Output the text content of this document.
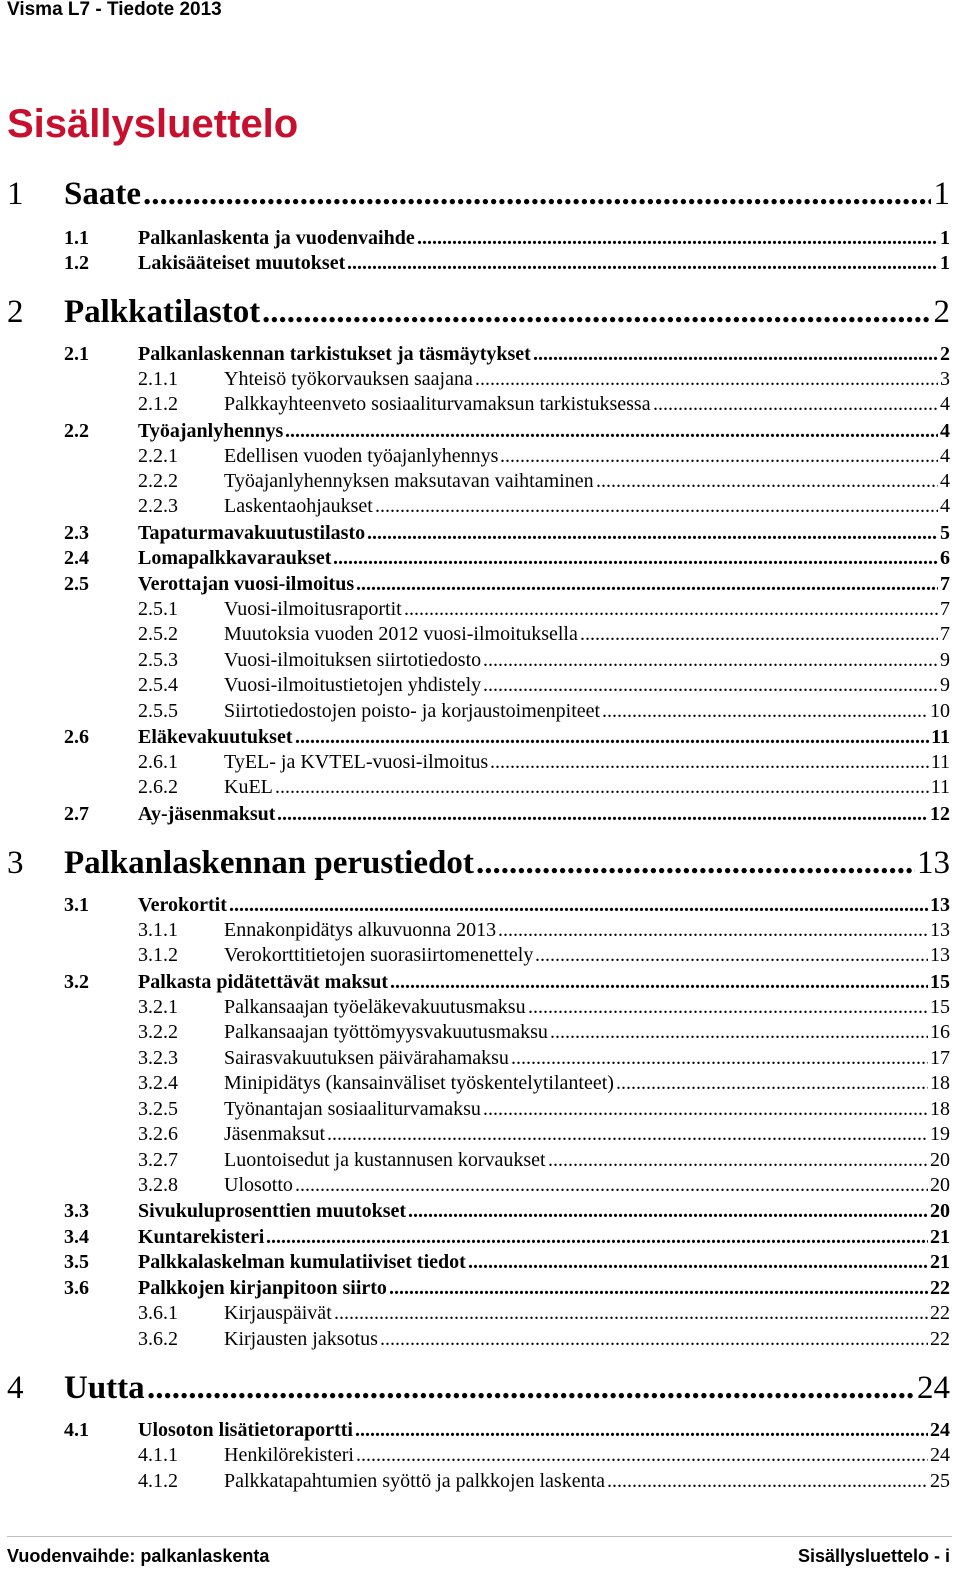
Visma L7 - Tiedote 2013
Sisällysluettelo
1 Saate .....	1
1.1 Palkanlaskenta ja vuodenvaihde .....	1
1.2 Lakisääteiset muutokset .....	1
2 Palkkatilastot .....	2
2.1 Palkanlaskennan tarkistukset ja täsmäytykset .....	2
2.1.1 Yhteisö työkorvauksen saajana .....	3
2.1.2 Palkkayhteenveto sosiaaliturvamaksun tarkistuksessa .....	4
2.2 Työajanlyhennys .....	4
2.2.1 Edellisen vuoden työajanlyhennys .....	4
2.2.2 Työajanlyhennyksen maksutavan vaihtaminen .....	4
2.2.3 Laskentaohjaukset .....	4
2.3 Tapaturmavakuutustilasto .....	5
2.4 Lomapalkkavaraukset .....	6
2.5 Verottajan vuosi-ilmoitus .....	7
2.5.1 Vuosi-ilmoitusraportit .....	7
2.5.2 Muutoksia vuoden 2012 vuosi-ilmoituksella .....	7
2.5.3 Vuosi-ilmoituksen siirtotiedosto .....	9
2.5.4 Vuosi-ilmoitustietojen yhdistely .....	9
2.5.5 Siirtotiedostojen poisto- ja korjaustoimenpiteet .....	10
2.6 Eläkevakuutukset .....	11
2.6.1 TyEL- ja KVTEL-vuosi-ilmoitus .....	11
2.6.2 KuEL .....	11
2.7 Ay-jäsenmaksut .....	12
3 Palkanlaskennan perustiedot .....	13
3.1 Verokortit .....	13
3.1.1 Ennakonpidätys alkuvuonna 2013 .....	13
3.1.2 Verokorttitietojen suorasiirtomenettely .....	13
3.2 Palkasta pidätettävät maksut .....	15
3.2.1 Palkansaajan työeläkevakuutusmaksu .....	15
3.2.2 Palkansaajan työttömyysvakuutusmaksu .....	16
3.2.3 Sairasvakuutuksen päivärahamaksu .....	17
3.2.4 Minipidätys (kansainväliset työskentelytilanteet) .....	18
3.2.5 Työnantajan sosiaaliturvamaksu .....	18
3.2.6 Jäsenmaksut .....	19
3.2.7 Luontoisedut ja kustannusen korvaukset .....	20
3.2.8 Ulosotto .....	20
3.3 Sivukuluprosenttien muutokset .....	20
3.4 Kuntarekisteri .....	21
3.5 Palkkalaskelman kumulatiiviset tiedot .....	21
3.6 Palkkojen kirjanpitoon siirto .....	22
3.6.1 Kirjauspäivät .....	22
3.6.2 Kirjausten jaksotus .....	22
4 Uutta .....	24
4.1 Ulosoton lisätietoraportti .....	24
4.1.1 Henkilörekisteri .....	24
4.1.2 Palkkatapahtumien syöttö ja palkkojen laskenta .....	25
Vuodenvaihde: palkanlaskenta	Sisällysluettelo - i
